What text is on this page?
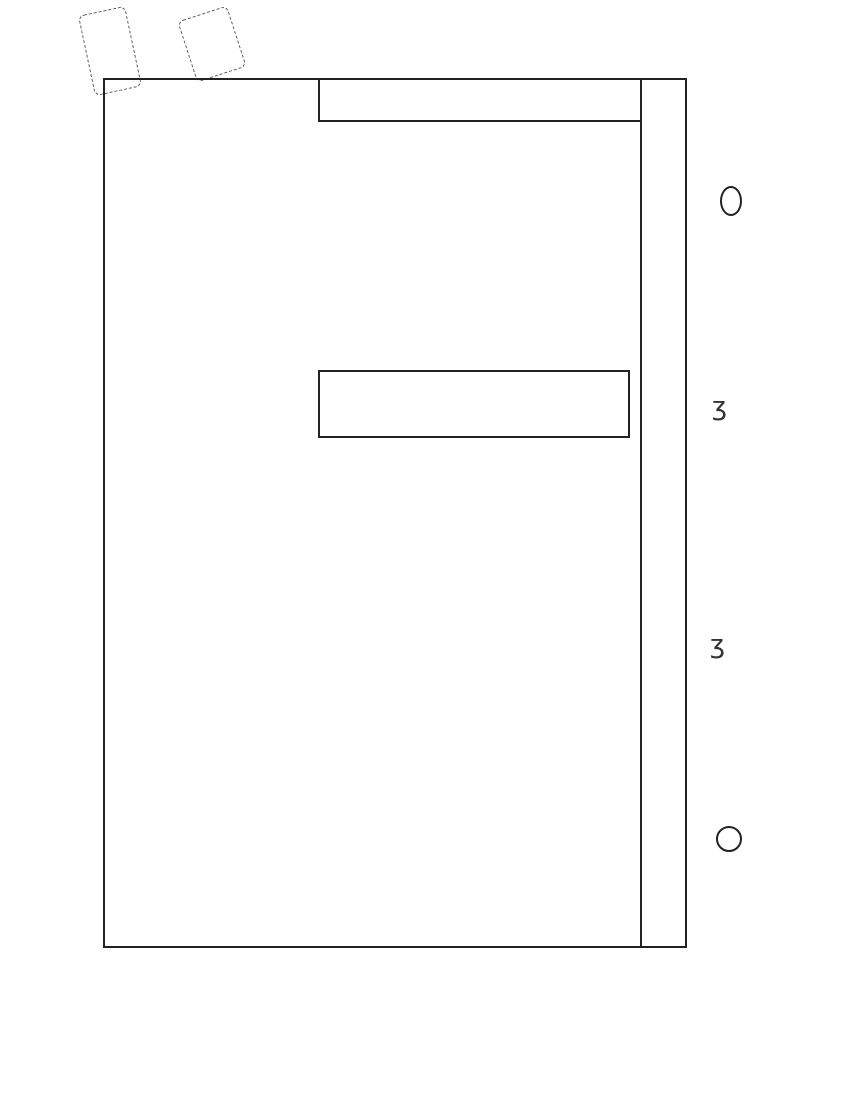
ʒ
ʒ
